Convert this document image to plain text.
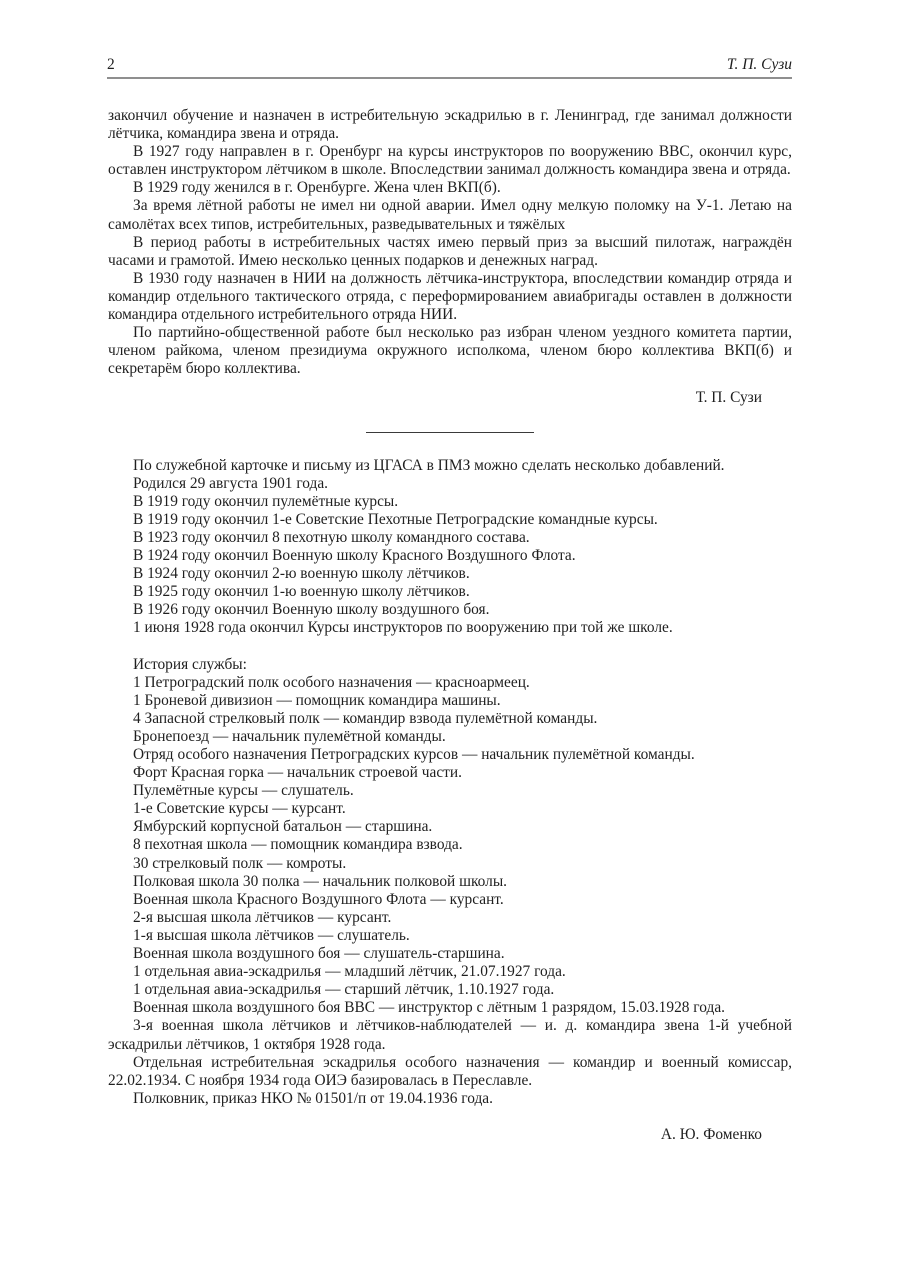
2	Т. П. Сузи

закончил обучение и назначен в истребительную эскадрилью в г. Ленинград, где занимал должности лётчика, командира звена и отряда.

В 1927 году направлен в г. Оренбург на курсы инструкторов по вооружению ВВС, окончил курс, оставлен инструктором лётчиком в школе. Впоследствии занимал должность командира звена и отряда.

В 1929 году женился в г. Оренбурге. Жена член ВКП(б).

За время лётной работы не имел ни одной аварии. Имел одну мелкую поломку на У-1. Летаю на самолётах всех типов, истребительных, разведывательных и тяжёлых

В период работы в истребительных частях имею первый приз за высший пилотаж, награждён часами и грамотой. Имею несколько ценных подарков и денежных наград.

В 1930 году назначен в НИИ на должность лётчика-инструктора, впоследствии командир отряда и командир отдельного тактического отряда, с переформированием авиабригады оставлен в должности командира отдельного истребительного отряда НИИ.

По партийно-общественной работе был несколько раз избран членом уездного комитета партии, членом райкома, членом президиума окружного исполкома, членом бюро коллектива ВКП(б) и секретарём бюро коллектива.

Т. П. Сузи

По служебной карточке и письму из ЦГАСА в ПМЗ можно сделать несколько добавлений.

Родился 29 августа 1901 года.

В 1919 году окончил пулемётные курсы.

В 1919 году окончил 1-е Советские Пехотные Петроградские командные курсы.

В 1923 году окончил 8 пехотную школу командного состава.

В 1924 году окончил Военную школу Красного Воздушного Флота.

В 1924 году окончил 2-ю военную школу лётчиков.

В 1925 году окончил 1-ю военную школу лётчиков.

В 1926 году окончил Военную школу воздушного боя.

1 июня 1928 года окончил Курсы инструкторов по вооружению при той же школе.

История службы:

1 Петроградский полк особого назначения — красноармеец.

1 Броневой дивизион — помощник командира машины.

4 Запасной стрелковый полк — командир взвода пулемётной команды.

Бронепоезд — начальник пулемётной команды.

Отряд особого назначения Петроградских курсов — начальник пулемётной команды.

Форт Красная горка — начальник строевой части.

Пулемётные курсы — слушатель.

1-е Советские курсы — курсант.

Ямбурский корпусной батальон — старшина.

8 пехотная школа — помощник командира взвода.

30 стрелковый полк — комроты.

Полковая школа 30 полка — начальник полковой школы.

Военная школа Красного Воздушного Флота — курсант.

2-я высшая школа лётчиков — курсант.

1-я высшая школа лётчиков — слушатель.

Военная школа воздушного боя — слушатель-старшина.

1 отдельная авиа-эскадрилья — младший лётчик, 21.07.1927 года.

1 отдельная авиа-эскадрилья — старший лётчик, 1.10.1927 года.

Военная школа воздушного боя ВВС — инструктор с лётным 1 разрядом, 15.03.1928 года.

3-я военная школа лётчиков и лётчиков-наблюдателей — и. д. командира звена 1-й учебной эскадрильи лётчиков, 1 октября 1928 года.

Отдельная истребительная эскадрилья особого назначения — командир и военный комиссар, 22.02.1934. С ноября 1934 года ОИЭ базировалась в Переславле.

Полковник, приказ НКО № 01501/п от 19.04.1936 года.

А. Ю. Фоменко
